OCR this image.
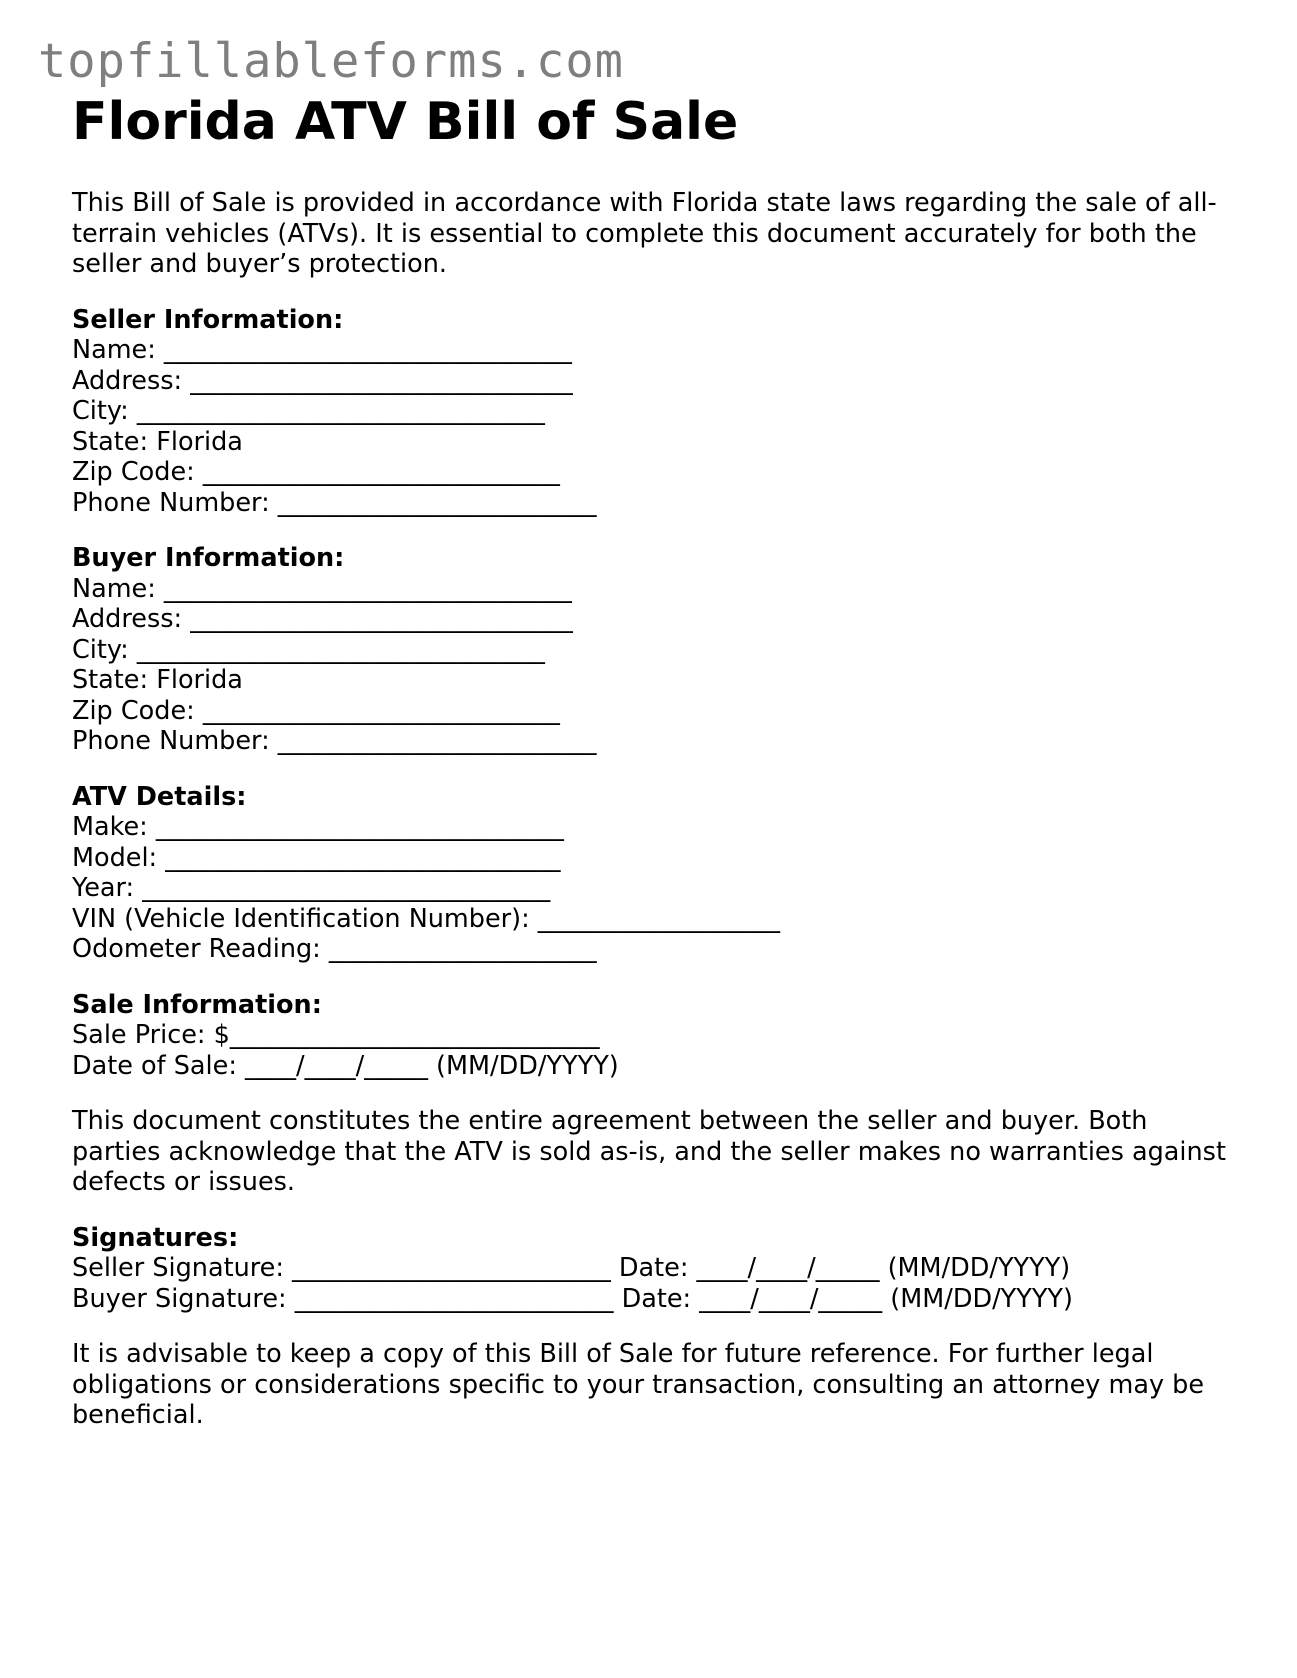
topfillableforms.com
Florida ATV Bill of Sale

This Bill of Sale is provided in accordance with Florida state laws regarding the sale of all-terrain vehicles (ATVs). It is essential to complete this document accurately for both the seller and buyer’s protection.

Seller Information:
Name: ________________________________
Address: ______________________________
City: ________________________________
State: Florida
Zip Code: ____________________________
Phone Number: _________________________
Buyer Information:
Name: ________________________________
Address: ______________________________
City: ________________________________
State: Florida
Zip Code: ____________________________
Phone Number: _________________________
ATV Details:
Make: ________________________________
Model: _______________________________
Year: ________________________________
VIN (Vehicle Identification Number): ___________________
Odometer Reading: _____________________
Sale Information:
Sale Price: $_____________________________
Date of Sale: ____/____/_____ (MM/DD/YYYY)

This document constitutes the entire agreement between the seller and buyer. Both parties acknowledge that the ATV is sold as-is, and the seller makes no warranties against defects or issues.

Signatures:
Seller Signature: _________________________ Date: ____/____/_____ (MM/DD/YYYY)
Buyer Signature: _________________________ Date: ____/____/_____ (MM/DD/YYYY)

It is advisable to keep a copy of this Bill of Sale for future reference. For further legal obligations or considerations specific to your transaction, consulting an attorney may be beneficial.
